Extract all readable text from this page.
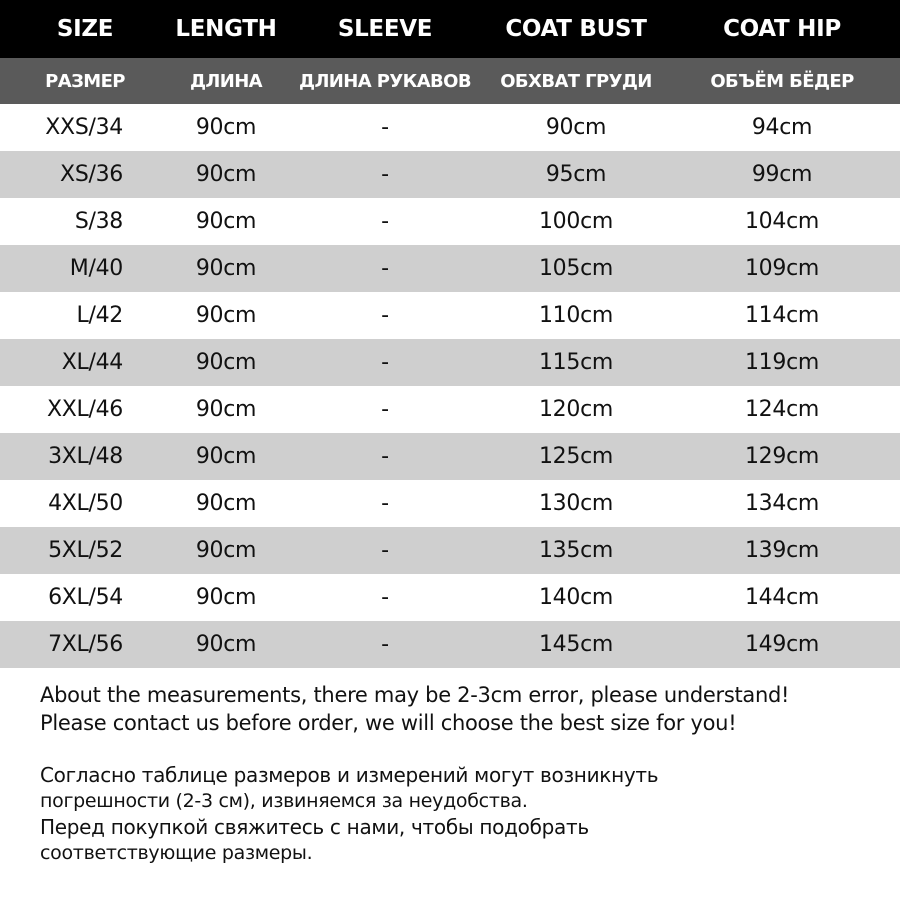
SIZE	LENGTH	SLEEVE	COAT BUST	COAT HIP
РАЗМЕР	ДЛИНА	ДЛИНА РУКАВОВ	ОБХВАТ ГРУДИ	ОБЪЁМ БЁДЕР
XXS/34	90cm	-	90cm	94cm
XS/36	90cm	-	95cm	99cm
S/38	90cm	-	100cm	104cm
M/40	90cm	-	105cm	109cm
L/42	90cm	-	110cm	114cm
XL/44	90cm	-	115cm	119cm
XXL/46	90cm	-	120cm	124cm
3XL/48	90cm	-	125cm	129cm
4XL/50	90cm	-	130cm	134cm
5XL/52	90cm	-	135cm	139cm
6XL/54	90cm	-	140cm	144cm
7XL/56	90cm	-	145cm	149cm

About the measurements, there may be 2-3cm error, please understand!

Please contact us before order, we will choose the best size for you!

Согласно таблице размеров и измерений могут возникнуть

погрешности (2-3 см), извиняемся за неудобства.

Перед покупкой свяжитесь с нами, чтобы подобрать

соответствующие размеры.
